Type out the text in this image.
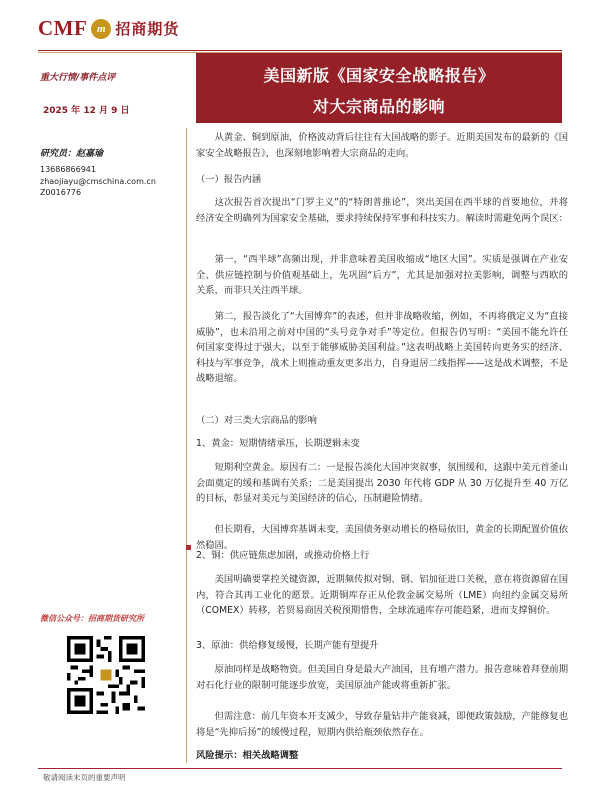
CMF m 招商期货
重大行情/事件点评
2025 年 12 月 9 日
美国新版《国家安全战略报告》
对大宗商品的影响
研究员：赵嘉瑜
13686866941
zhaojiayu@cmschina.com.cn
Z0016776
微信公众号：招商期货研究所
从黄金、铜到原油，价格波动背后往往有大国战略的影子。近期美国发布的最新的《国家安全战略报告》，也深刻地影响着大宗商品的走向。
（一）报告内涵
这次报告首次提出“门罗主义”的“特朗普推论”，突出美国在西半球的首要地位，并将经济安全明确列为国家安全基础，要求持续保持军事和科技实力。解读时需避免两个误区：
第一，“西半球”高频出现，并非意味着美国收缩成“地区大国”。实质是强调在产业安全、供应链控制与价值观基础上，先巩固“后方”，尤其是加强对拉美影响，调整与西欧的关系，而非只关注西半球。
第二，报告淡化了“大国博弈”的表述，但并非战略收缩，例如，不再将俄定义为“直接威胁”，也未沿用之前对中国的“头号竞争对手”等定位。但报告仍写明：“美国不能允许任何国家变得过于强大，以至于能够威胁美国利益。”这表明战略上美国转向更务实的经济、科技与军事竞争，战术上则推动重友更多出力，自身退居二线指挥——这是战术调整，不是战略退缩。
（二）对三类大宗商品的影响
1、黄金：短期情绪承压，长期逻辑未变
短期利空黄金。原因有二：一是报告淡化大国冲突叙事，氛围缓和，这跟中美元首釜山会面奠定的缓和基调有关系；二是美国提出 2030 年代将 GDP 从 30 万亿提升至 40 万亿的目标，彰显对美元与美国经济的信心，压制避险情绪。
但长期看，大国博弈基调未变，美国债务驱动增长的格局依旧，黄金的长期配置价值依然稳固。
2、铜：供应链焦虑加剧，或推动价格上行
美国明确要掌控关键资源，近期频传拟对铜、钢、铝加征进口关税，意在将资源留在国内，符合其再工业化的愿景。近期铜库存正从伦敦金属交易所（LME）向纽约金属交易所（COMEX）转移，若贸易商因关税预期惜售，全球流通库存可能趋紧，进而支撑铜价。
3、原油：供给修复缓慢，长期产能有望提升
原油同样是战略物资。但美国自身是最大产油国，且有增产潜力。报告意味着拜登前期对石化行业的限制可能逐步放宽，美国原油产能或将重新扩张。
但需注意：前几年资本开支减少，导致存量钻井产能衰减，即便政策鼓励，产能修复也将是“先抑后扬”的缓慢过程，短期内供给瓶颈依然存在。
风险提示：相关战略调整
敬请阅读末页的重要声明
